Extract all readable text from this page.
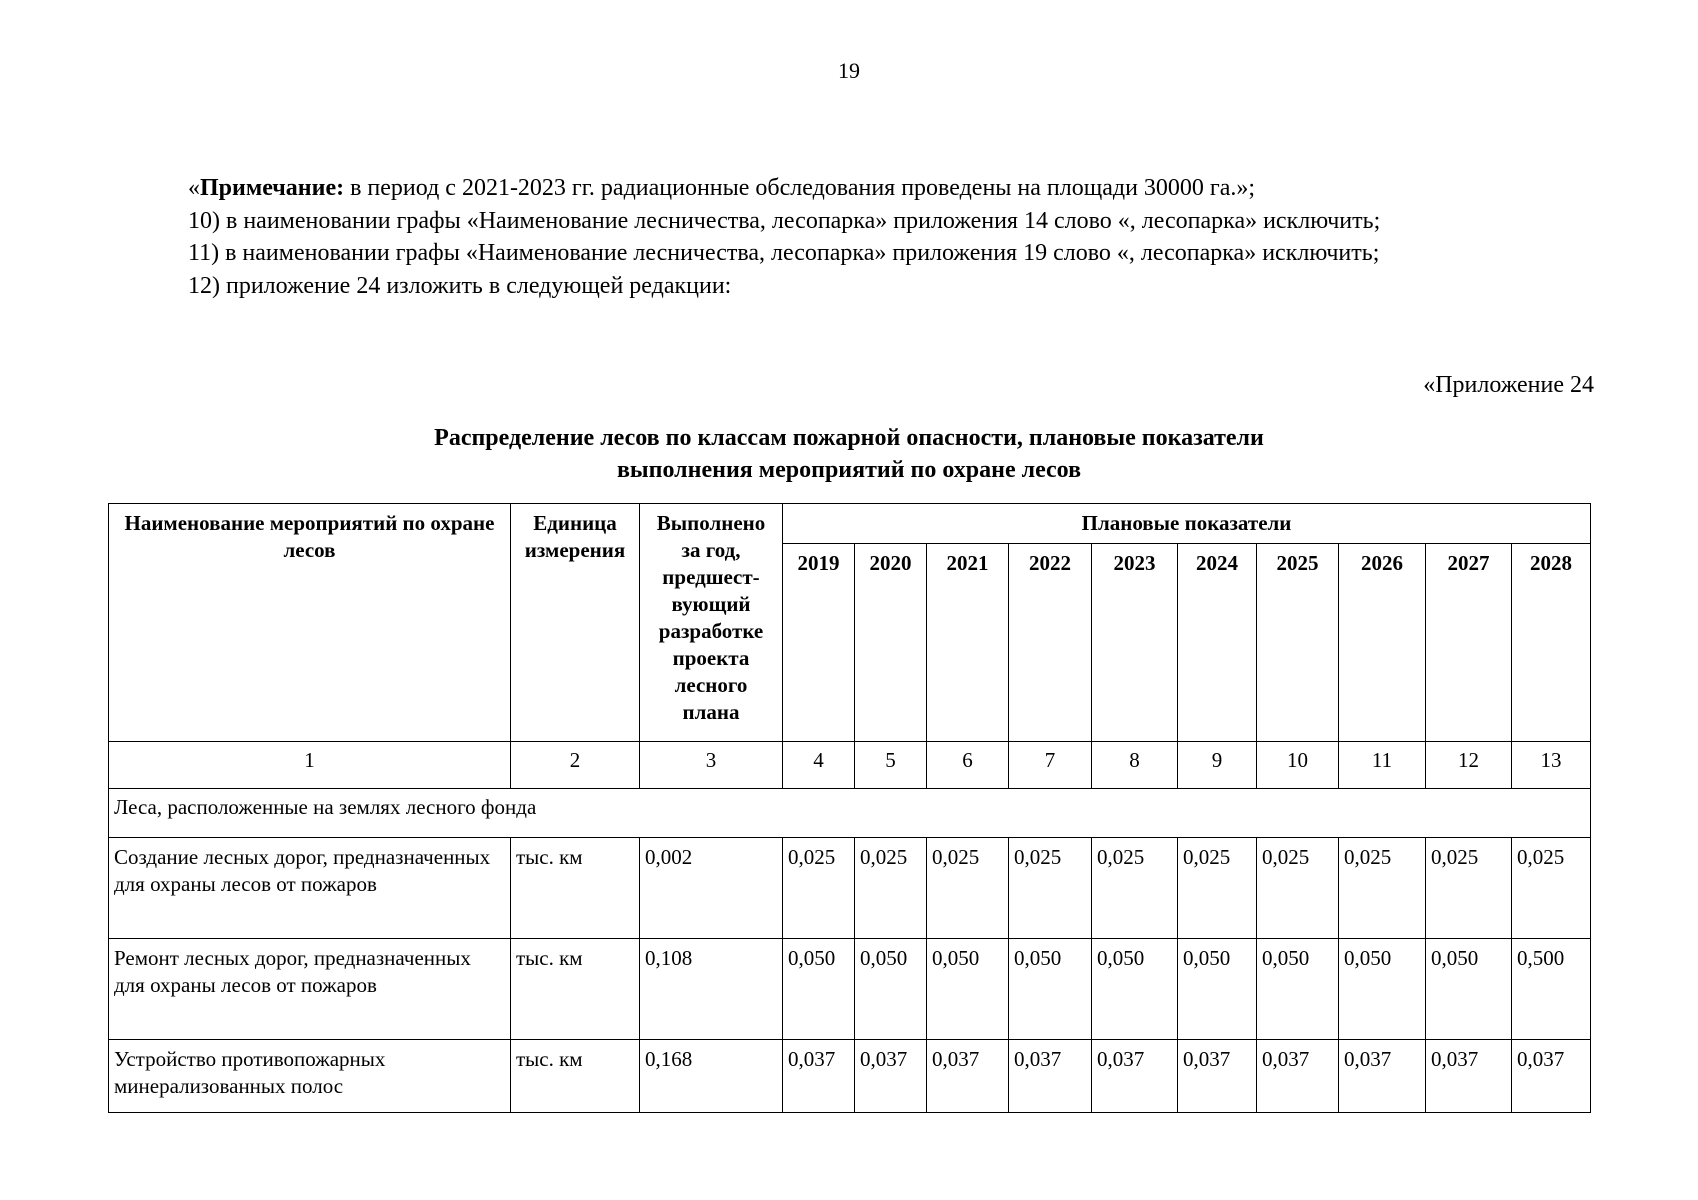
19

«Примечание: в период с 2021-2023 гг. радиационные обследования проведены на площади 30000 га.»;

10) в наименовании графы «Наименование лесничества, лесопарка» приложения 14 слово «, лесопарка» исключить;

11) в наименовании графы «Наименование лесничества, лесопарка» приложения 19 слово «, лесопарка» исключить;

12) приложение 24 изложить в следующей редакции:

«Приложение 24
Распределение лесов по классам пожарной опасности, плановые показатели
выполнения мероприятий по охране лесов
Наименование мероприятий по охране лесов	Единица измерения	Выполнено за год, предшест- вующий разработке проекта лесного плана	Плановые показатели									
			2019	2020	2021	2022	2023	2024	2025	2026	2027	2028
1	2	3	4	5	6	7	8	9	10	11	12	13
Леса, расположенные на землях лесного фонда												
Создание лесных дорог, предназначенных для охраны лесов от пожаров	тыс. км	0,002	0,025	0,025	0,025	0,025	0,025	0,025	0,025	0,025	0,025	0,025
Ремонт лесных дорог, предназначенных для охраны лесов от пожаров	тыс. км	0,108	0,050	0,050	0,050	0,050	0,050	0,050	0,050	0,050	0,050	0,500
Устройство противопожарных минерализованных полос	тыс. км	0,168	0,037	0,037	0,037	0,037	0,037	0,037	0,037	0,037	0,037	0,037
